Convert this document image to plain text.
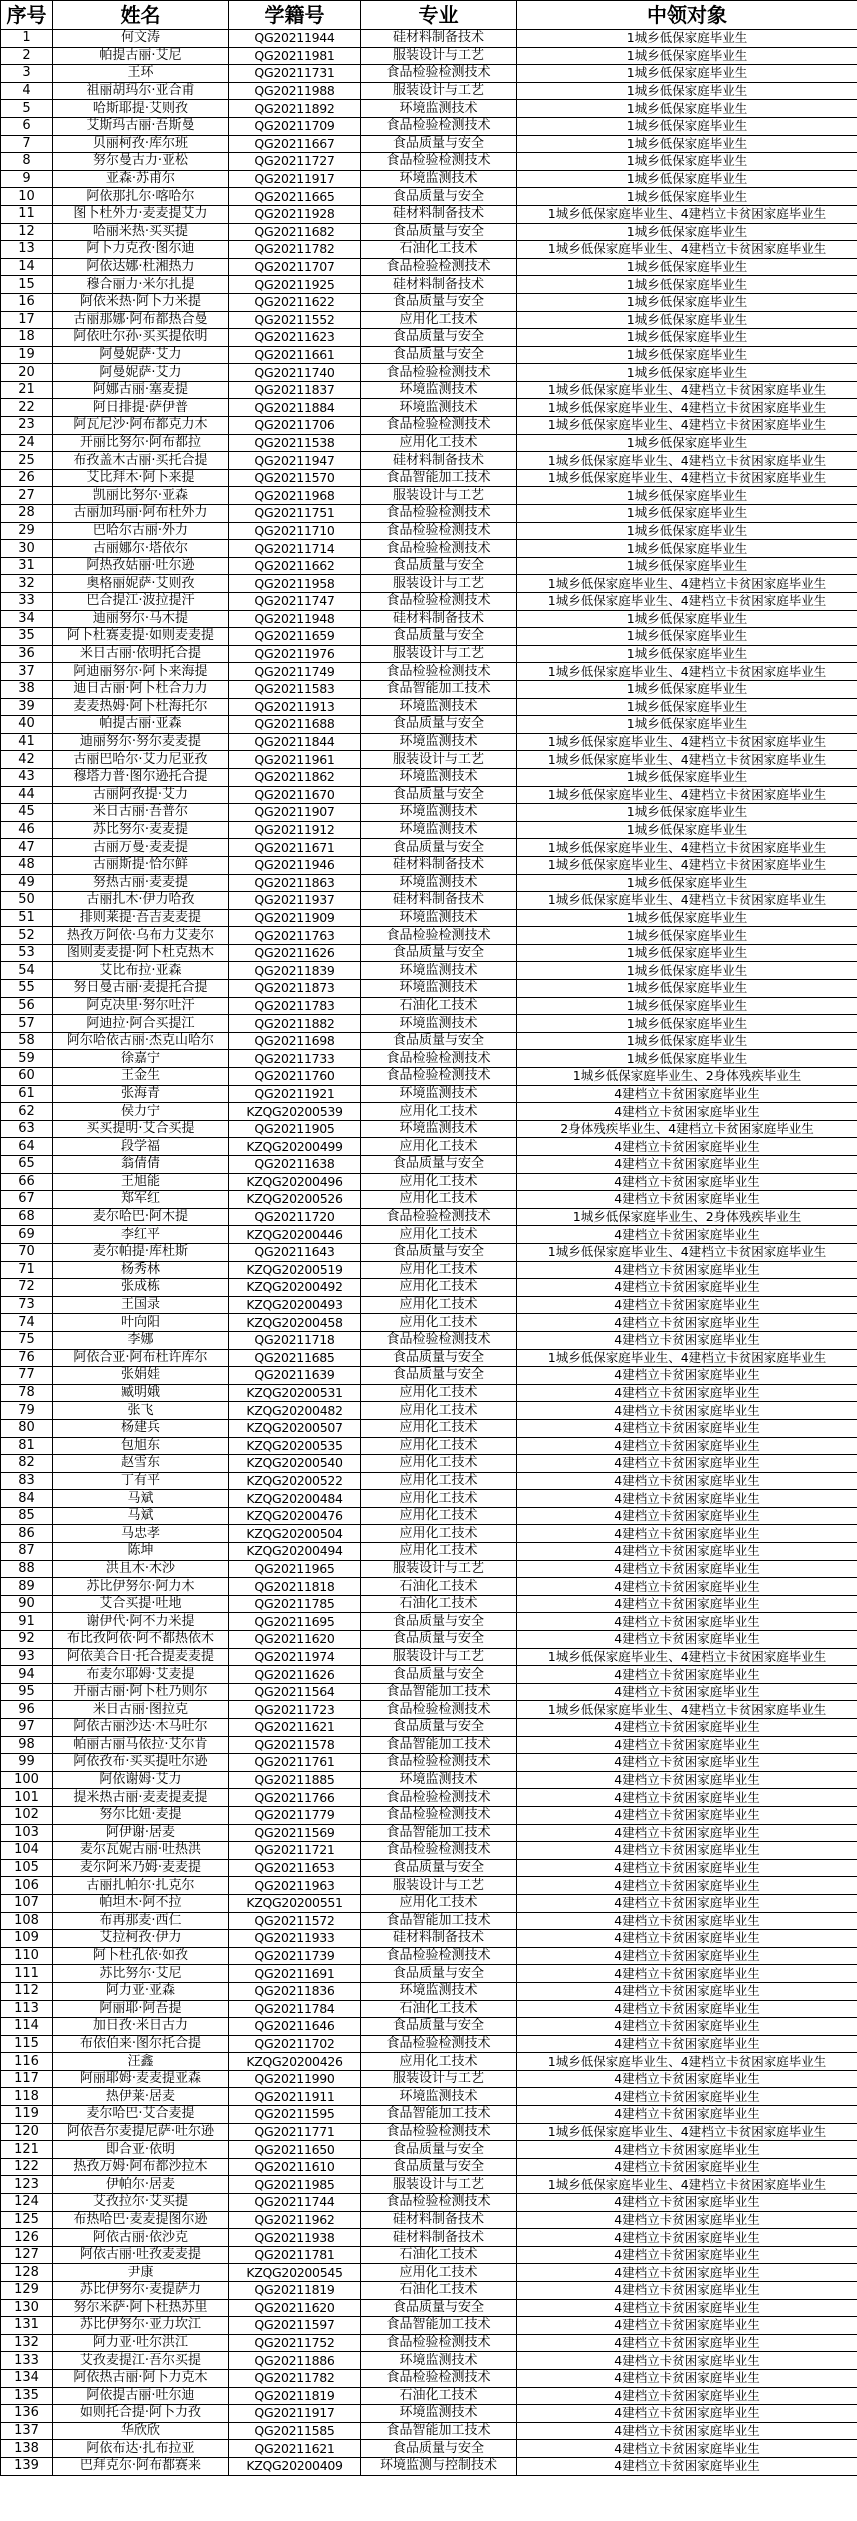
序号	姓名	学籍号	专业	中领对象
1	何文涛	QG20211944	硅材料制备技术	1城乡低保家庭毕业生
2	帕提古丽·艾尼	QG20211981	服装设计与工艺	1城乡低保家庭毕业生
3	王环	QG20211731	食品检验检测技术	1城乡低保家庭毕业生
4	祖丽胡玛尔·亚合甫	QG20211988	服装设计与工艺	1城乡低保家庭毕业生
5	哈斯耶提·艾则孜	QG20211892	环境监测技术	1城乡低保家庭毕业生
6	艾斯玛古丽·吾斯曼	QG20211709	食品检验检测技术	1城乡低保家庭毕业生
7	贝丽柯孜·库尔班	QG20211667	食品质量与安全	1城乡低保家庭毕业生
8	努尔曼古力·亚松	QG20211727	食品检验检测技术	1城乡低保家庭毕业生
9	亚森·苏甫尔	QG20211917	环境监测技术	1城乡低保家庭毕业生
10	阿依那扎尔·喀哈尔	QG20211665	食品质量与安全	1城乡低保家庭毕业生
11	图卜杜外力·麦麦提艾力	QG20211928	硅材料制备技术	1城乡低保家庭毕业生、4建档立卡贫困家庭毕业生
12	哈丽米热·买买提	QG20211682	食品质量与安全	1城乡低保家庭毕业生
13	阿卜力克孜·图尔迪	QG20211782	石油化工技术	1城乡低保家庭毕业生、4建档立卡贫困家庭毕业生
14	阿依达娜·杜湘热力	QG20211707	食品检验检测技术	1城乡低保家庭毕业生
15	穆合丽力·米尔扎提	QG20211925	硅材料制备技术	1城乡低保家庭毕业生
16	阿依米热·阿卜力米提	QG20211622	食品质量与安全	1城乡低保家庭毕业生
17	古丽那娜·阿布都热合曼	QG20211552	应用化工技术	1城乡低保家庭毕业生
18	阿依吐尔孙·买买提依明	QG20211623	食品质量与安全	1城乡低保家庭毕业生
19	阿曼妮萨·艾力	QG20211661	食品质量与安全	1城乡低保家庭毕业生
20	阿曼妮萨·艾力	QG20211740	食品检验检测技术	1城乡低保家庭毕业生
21	阿娜古丽·塞麦提	QG20211837	环境监测技术	1城乡低保家庭毕业生、4建档立卡贫困家庭毕业生
22	阿日排提·萨伊普	QG20211884	环境监测技术	1城乡低保家庭毕业生、4建档立卡贫困家庭毕业生
23	阿瓦尼沙·阿布都克力木	QG20211706	食品检验检测技术	1城乡低保家庭毕业生、4建档立卡贫困家庭毕业生
24	开丽比努尔·阿布都拉	QG20211538	应用化工技术	1城乡低保家庭毕业生
25	布孜盖木古丽·买托合提	QG20211947	硅材料制备技术	1城乡低保家庭毕业生、4建档立卡贫困家庭毕业生
26	艾比拜木·阿卜来提	QG20211570	食品智能加工技术	1城乡低保家庭毕业生、4建档立卡贫困家庭毕业生
27	凯丽比努尔·亚森	QG20211968	服装设计与工艺	1城乡低保家庭毕业生
28	古丽加玛丽·阿布杜外力	QG20211751	食品检验检测技术	1城乡低保家庭毕业生
29	巴哈尔古丽·外力	QG20211710	食品检验检测技术	1城乡低保家庭毕业生
30	古丽娜尔·塔依尔	QG20211714	食品检验检测技术	1城乡低保家庭毕业生
31	阿热孜姑丽·吐尔逊	QG20211662	食品质量与安全	1城乡低保家庭毕业生
32	奥格丽妮萨·艾则孜	QG20211958	服装设计与工艺	1城乡低保家庭毕业生、4建档立卡贫困家庭毕业生
33	巴合提江·波拉提汗	QG20211747	食品检验检测技术	1城乡低保家庭毕业生、4建档立卡贫困家庭毕业生
34	迪丽努尔·马木提	QG20211948	硅材料制备技术	1城乡低保家庭毕业生
35	阿卜杜赛麦提·如则麦麦提	QG20211659	食品质量与安全	1城乡低保家庭毕业生
36	米日古丽·依明托合提	QG20211976	服装设计与工艺	1城乡低保家庭毕业生
37	阿迪丽努尔·阿卜来海提	QG20211749	食品检验检测技术	1城乡低保家庭毕业生、4建档立卡贫困家庭毕业生
38	迪日古丽·阿卜杜合力力	QG20211583	食品智能加工技术	1城乡低保家庭毕业生
39	麦麦热姆·阿卜杜海托尔	QG20211913	环境监测技术	1城乡低保家庭毕业生
40	帕提古丽·亚森	QG20211688	食品质量与安全	1城乡低保家庭毕业生
41	迪丽努尔·努尔麦麦提	QG20211844	环境监测技术	1城乡低保家庭毕业生、4建档立卡贫困家庭毕业生
42	古丽巴哈尔·艾力尼亚孜	QG20211961	服装设计与工艺	1城乡低保家庭毕业生、4建档立卡贫困家庭毕业生
43	穆塔力普·图尔逊托合提	QG20211862	环境监测技术	1城乡低保家庭毕业生
44	古丽阿孜提·艾力	QG20211670	食品质量与安全	1城乡低保家庭毕业生、4建档立卡贫困家庭毕业生
45	米日古丽·吾普尔	QG20211907	环境监测技术	1城乡低保家庭毕业生
46	苏比努尔·麦麦提	QG20211912	环境监测技术	1城乡低保家庭毕业生
47	古丽万曼·麦麦提	QG20211671	食品质量与安全	1城乡低保家庭毕业生、4建档立卡贫困家庭毕业生
48	古丽斯提·恰尔鲜	QG20211946	硅材料制备技术	1城乡低保家庭毕业生、4建档立卡贫困家庭毕业生
49	努热古丽·麦麦提	QG20211863	环境监测技术	1城乡低保家庭毕业生
50	古丽扎木·伊力哈孜	QG20211937	硅材料制备技术	1城乡低保家庭毕业生、4建档立卡贫困家庭毕业生
51	排则莱提·吾吉麦麦提	QG20211909	环境监测技术	1城乡低保家庭毕业生
52	热孜万阿依·乌布力艾麦尔	QG20211763	食品检验检测技术	1城乡低保家庭毕业生
53	图则麦麦提·阿卜杜克热木	QG20211626	食品质量与安全	1城乡低保家庭毕业生
54	艾比布拉·亚森	QG20211839	环境监测技术	1城乡低保家庭毕业生
55	努日曼古丽·麦提托合提	QG20211873	环境监测技术	1城乡低保家庭毕业生
56	阿克决里·努尔吐汗	QG20211783	石油化工技术	1城乡低保家庭毕业生
57	阿迪拉·阿合买提江	QG20211882	环境监测技术	1城乡低保家庭毕业生
58	阿尔哈依古丽·杰克山哈尔	QG20211698	食品质量与安全	1城乡低保家庭毕业生
59	徐嘉宁	QG20211733	食品检验检测技术	1城乡低保家庭毕业生
60	王金生	QG20211760	食品检验检测技术	1城乡低保家庭毕业生、2身体残疾毕业生
61	张海青	QG20211921	环境监测技术	4建档立卡贫困家庭毕业生
62	侯力宁	KZQG20200539	应用化工技术	4建档立卡贫困家庭毕业生
63	买买提明·艾合买提	QG20211905	环境监测技术	2身体残疾毕业生、4建档立卡贫困家庭毕业生
64	段学福	KZQG20200499	应用化工技术	4建档立卡贫困家庭毕业生
65	翁倩倩	QG20211638	食品质量与安全	4建档立卡贫困家庭毕业生
66	王旭能	KZQG20200496	应用化工技术	4建档立卡贫困家庭毕业生
67	郑军红	KZQG20200526	应用化工技术	4建档立卡贫困家庭毕业生
68	麦尔哈巴·阿木提	QG20211720	食品检验检测技术	1城乡低保家庭毕业生、2身体残疾毕业生
69	李红平	KZQG20200446	应用化工技术	4建档立卡贫困家庭毕业生
70	麦尔帕提·库杜斯	QG20211643	食品质量与安全	1城乡低保家庭毕业生、4建档立卡贫困家庭毕业生
71	杨秀林	KZQG20200519	应用化工技术	4建档立卡贫困家庭毕业生
72	张成栋	KZQG20200492	应用化工技术	4建档立卡贫困家庭毕业生
73	王国录	KZQG20200493	应用化工技术	4建档立卡贫困家庭毕业生
74	叶向阳	KZQG20200458	应用化工技术	4建档立卡贫困家庭毕业生
75	李娜	QG20211718	食品检验检测技术	4建档立卡贫困家庭毕业生
76	阿依合亚·阿布杜许库尔	QG20211685	食品质量与安全	1城乡低保家庭毕业生、4建档立卡贫困家庭毕业生
77	张娟娃	QG20211639	食品质量与安全	4建档立卡贫困家庭毕业生
78	臧明娥	KZQG20200531	应用化工技术	4建档立卡贫困家庭毕业生
79	张飞	KZQG20200482	应用化工技术	4建档立卡贫困家庭毕业生
80	杨建兵	KZQG20200507	应用化工技术	4建档立卡贫困家庭毕业生
81	包旭东	KZQG20200535	应用化工技术	4建档立卡贫困家庭毕业生
82	赵雪东	KZQG20200540	应用化工技术	4建档立卡贫困家庭毕业生
83	丁有平	KZQG20200522	应用化工技术	4建档立卡贫困家庭毕业生
84	马斌	KZQG20200484	应用化工技术	4建档立卡贫困家庭毕业生
85	马斌	KZQG20200476	应用化工技术	4建档立卡贫困家庭毕业生
86	马忠孝	KZQG20200504	应用化工技术	4建档立卡贫困家庭毕业生
87	陈坤	KZQG20200494	应用化工技术	4建档立卡贫困家庭毕业生
88	洪且木·木沙	QG20211965	服装设计与工艺	4建档立卡贫困家庭毕业生
89	苏比伊努尔·阿力木	QG20211818	石油化工技术	4建档立卡贫困家庭毕业生
90	艾合买提·吐地	QG20211785	石油化工技术	4建档立卡贫困家庭毕业生
91	谢伊代·阿不力米提	QG20211695	食品质量与安全	4建档立卡贫困家庭毕业生
92	布比孜阿依·阿不都热依木	QG20211620	食品质量与安全	4建档立卡贫困家庭毕业生
93	阿依美合日·托合提麦麦提	QG20211974	服装设计与工艺	1城乡低保家庭毕业生、4建档立卡贫困家庭毕业生
94	布麦尔耶姆·艾麦提	QG20211626	食品质量与安全	4建档立卡贫困家庭毕业生
95	开丽古丽·阿卜杜乃则尔	QG20211564	食品智能加工技术	4建档立卡贫困家庭毕业生
96	米日古丽·图拉克	QG20211723	食品检验检测技术	1城乡低保家庭毕业生、4建档立卡贫困家庭毕业生
97	阿依古丽沙达·木马吐尔	QG20211621	食品质量与安全	4建档立卡贫困家庭毕业生
98	帕丽古丽马依拉·艾尔肯	QG20211578	食品智能加工技术	4建档立卡贫困家庭毕业生
99	阿依孜布·买买提吐尔逊	QG20211761	食品检验检测技术	4建档立卡贫困家庭毕业生
100	阿依谢姆·艾力	QG20211885	环境监测技术	4建档立卡贫困家庭毕业生
101	提米热古丽·麦麦提麦提	QG20211766	食品检验检测技术	4建档立卡贫困家庭毕业生
102	努尔比妞·麦提	QG20211779	食品检验检测技术	4建档立卡贫困家庭毕业生
103	阿伊谢·居麦	QG20211569	食品智能加工技术	4建档立卡贫困家庭毕业生
104	麦尔瓦妮古丽·吐热洪	QG20211721	食品检验检测技术	4建档立卡贫困家庭毕业生
105	麦尔阿米乃姆·麦麦提	QG20211653	食品质量与安全	4建档立卡贫困家庭毕业生
106	古丽扎帕尔·扎克尔	QG20211963	服装设计与工艺	4建档立卡贫困家庭毕业生
107	帕坦木·阿不拉	KZQG20200551	应用化工技术	4建档立卡贫困家庭毕业生
108	布再那麦·西仁	QG20211572	食品智能加工技术	4建档立卡贫困家庭毕业生
109	艾拉柯孜·伊力	QG20211933	硅材料制备技术	4建档立卡贫困家庭毕业生
110	阿卜杜孔依·如孜	QG20211739	食品检验检测技术	4建档立卡贫困家庭毕业生
111	苏比努尔·艾尼	QG20211691	食品质量与安全	4建档立卡贫困家庭毕业生
112	阿力亚·亚森	QG20211836	环境监测技术	4建档立卡贫困家庭毕业生
113	阿丽耶·阿吾提	QG20211784	石油化工技术	4建档立卡贫困家庭毕业生
114	加日孜·米日古力	QG20211646	食品质量与安全	4建档立卡贫困家庭毕业生
115	布依伯来·图尔托合提	QG20211702	食品检验检测技术	4建档立卡贫困家庭毕业生
116	汪鑫	KZQG20200426	应用化工技术	1城乡低保家庭毕业生、4建档立卡贫困家庭毕业生
117	阿丽耶姆·麦麦提亚森	QG20211990	服装设计与工艺	4建档立卡贫困家庭毕业生
118	热伊莱·居麦	QG20211911	环境监测技术	4建档立卡贫困家庭毕业生
119	麦尔哈巴·艾合麦提	QG20211595	食品智能加工技术	4建档立卡贫困家庭毕业生
120	阿依吾尔麦提尼萨·吐尔逊	QG20211771	食品检验检测技术	1城乡低保家庭毕业生、4建档立卡贫困家庭毕业生
121	即合亚·依明	QG20211650	食品质量与安全	4建档立卡贫困家庭毕业生
122	热孜万姆·阿布都沙拉木	QG20211610	食品质量与安全	4建档立卡贫困家庭毕业生
123	伊帕尔·居麦	QG20211985	服装设计与工艺	1城乡低保家庭毕业生、4建档立卡贫困家庭毕业生
124	艾孜拉尔·艾买提	QG20211744	食品检验检测技术	4建档立卡贫困家庭毕业生
125	布热哈巴·麦麦提图尔逊	QG20211962	硅材料制备技术	4建档立卡贫困家庭毕业生
126	阿依古丽·依沙克	QG20211938	硅材料制备技术	4建档立卡贫困家庭毕业生
127	阿依古丽·吐孜麦麦提	QG20211781	石油化工技术	4建档立卡贫困家庭毕业生
128	尹康	KZQG20200545	应用化工技术	4建档立卡贫困家庭毕业生
129	苏比伊努尔·麦提萨力	QG20211819	石油化工技术	4建档立卡贫困家庭毕业生
130	努尔米萨·阿卜杜热苏里	QG20211620	食品质量与安全	4建档立卡贫困家庭毕业生
131	苏比伊努尔·亚力坎江	QG20211597	食品智能加工技术	4建档立卡贫困家庭毕业生
132	阿力亚·吐尔洪江	QG20211752	食品检验检测技术	4建档立卡贫困家庭毕业生
133	艾孜麦提江·吾尔买提	QG20211886	环境监测技术	4建档立卡贫困家庭毕业生
134	阿依热古丽·阿卜力克木	QG20211782	食品检验检测技术	4建档立卡贫困家庭毕业生
135	阿依提古丽·吐尔迪	QG20211819	石油化工技术	4建档立卡贫困家庭毕业生
136	如则托合提·阿卜力孜	QG20211917	环境监测技术	4建档立卡贫困家庭毕业生
137	华欣欣	QG20211585	食品智能加工技术	4建档立卡贫困家庭毕业生
138	阿依布达·扎布拉亚	QG20211621	食品质量与安全	4建档立卡贫困家庭毕业生
139	巴拜克尔·阿布都赛来	KZQG20200409	环境监测与控制技术	4建档立卡贫困家庭毕业生
